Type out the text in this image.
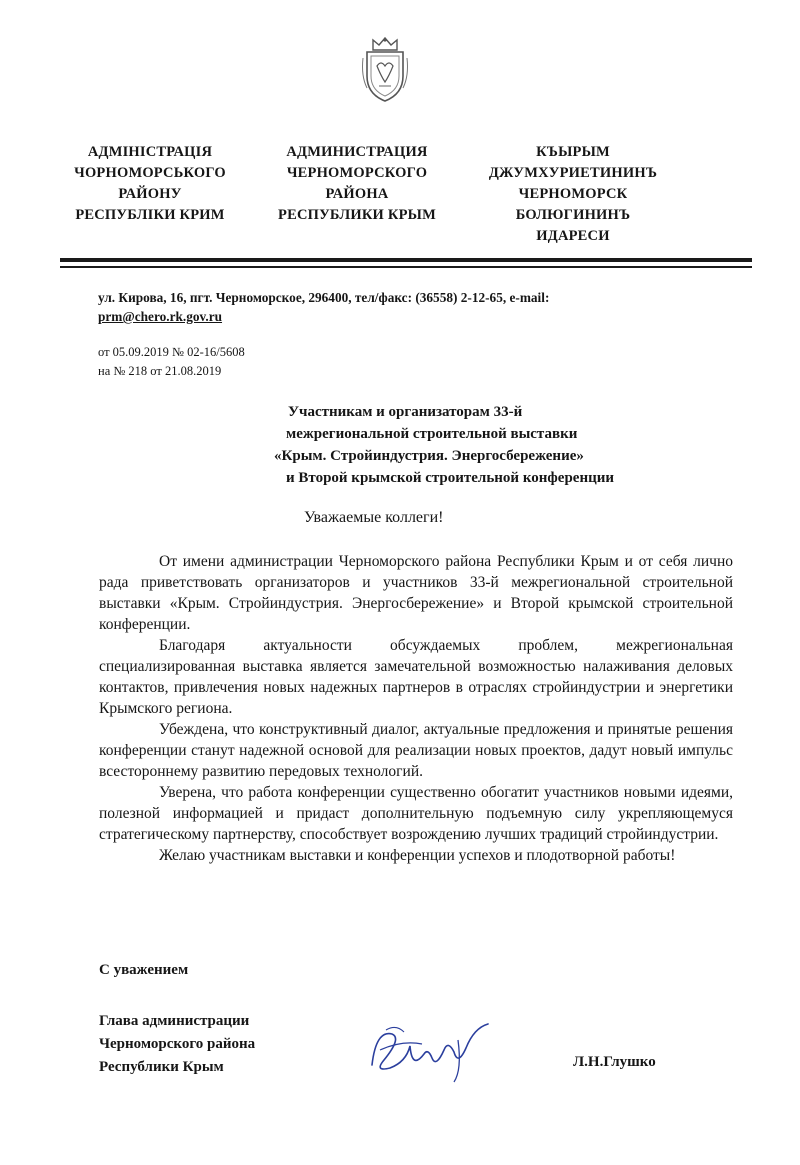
АДМІНІСТРАЦІЯ
ЧОРНОМОРСЬКОГО
РАЙОНУ
РЕСПУБЛІКИ КРИМ
АДМИНИСТРАЦИЯ
ЧЕРНОМОРСКОГО
РАЙОНА
РЕСПУБЛИКИ КРЫМ
КЪЫРЫМ
ДЖУМХУРИЕТИНИНЪ
ЧЕРНОМОРСК
БОЛЮГИНИНЪ
ИДАРЕСИ
ул. Кирова, 16, пгт. Черноморское, 296400, тел/факс: (36558) 2-12-65, e-mail:
prm@chero.rk.gov.ru
от 05.09.2019 № 02-16/5608
на № 218 от 21.08.2019
Участникам и организаторам 33-й
межрегиональной строительной выставки
«Крым. Стройиндустрия. Энергосбережение»
и Второй крымской строительной конференции
Уважаемые коллеги!

От имени администрации Черноморского района Республики Крым и от себя лично рада приветствовать организаторов и участников 33-й межрегиональной строительной выставки «Крым. Стройиндустрия. Энергосбережение» и Второй крымской строительной конференции.

Благодаря актуальности обсуждаемых проблем, межрегиональная специализированная выставка является замечательной возможностью налаживания деловых контактов, привлечения новых надежных партнеров в отраслях стройиндустрии и энергетики Крымского региона.

Убеждена, что конструктивный диалог, актуальные предложения и принятые решения конференции станут надежной основой для реализации новых проектов, дадут новый импульс всестороннему развитию передовых технологий.

Уверена, что работа конференции существенно обогатит участников новыми идеями, полезной информацией и придаст дополнительную подъемную силу укрепляющемуся стратегическому партнерству, способствует возрождению лучших традиций стройиндустрии.

Желаю участникам выставки и конференции успехов и плодотворной работы!

С уважением
Глава администрации
Черноморского района
Республики Крым	Л.Н.Глушко
